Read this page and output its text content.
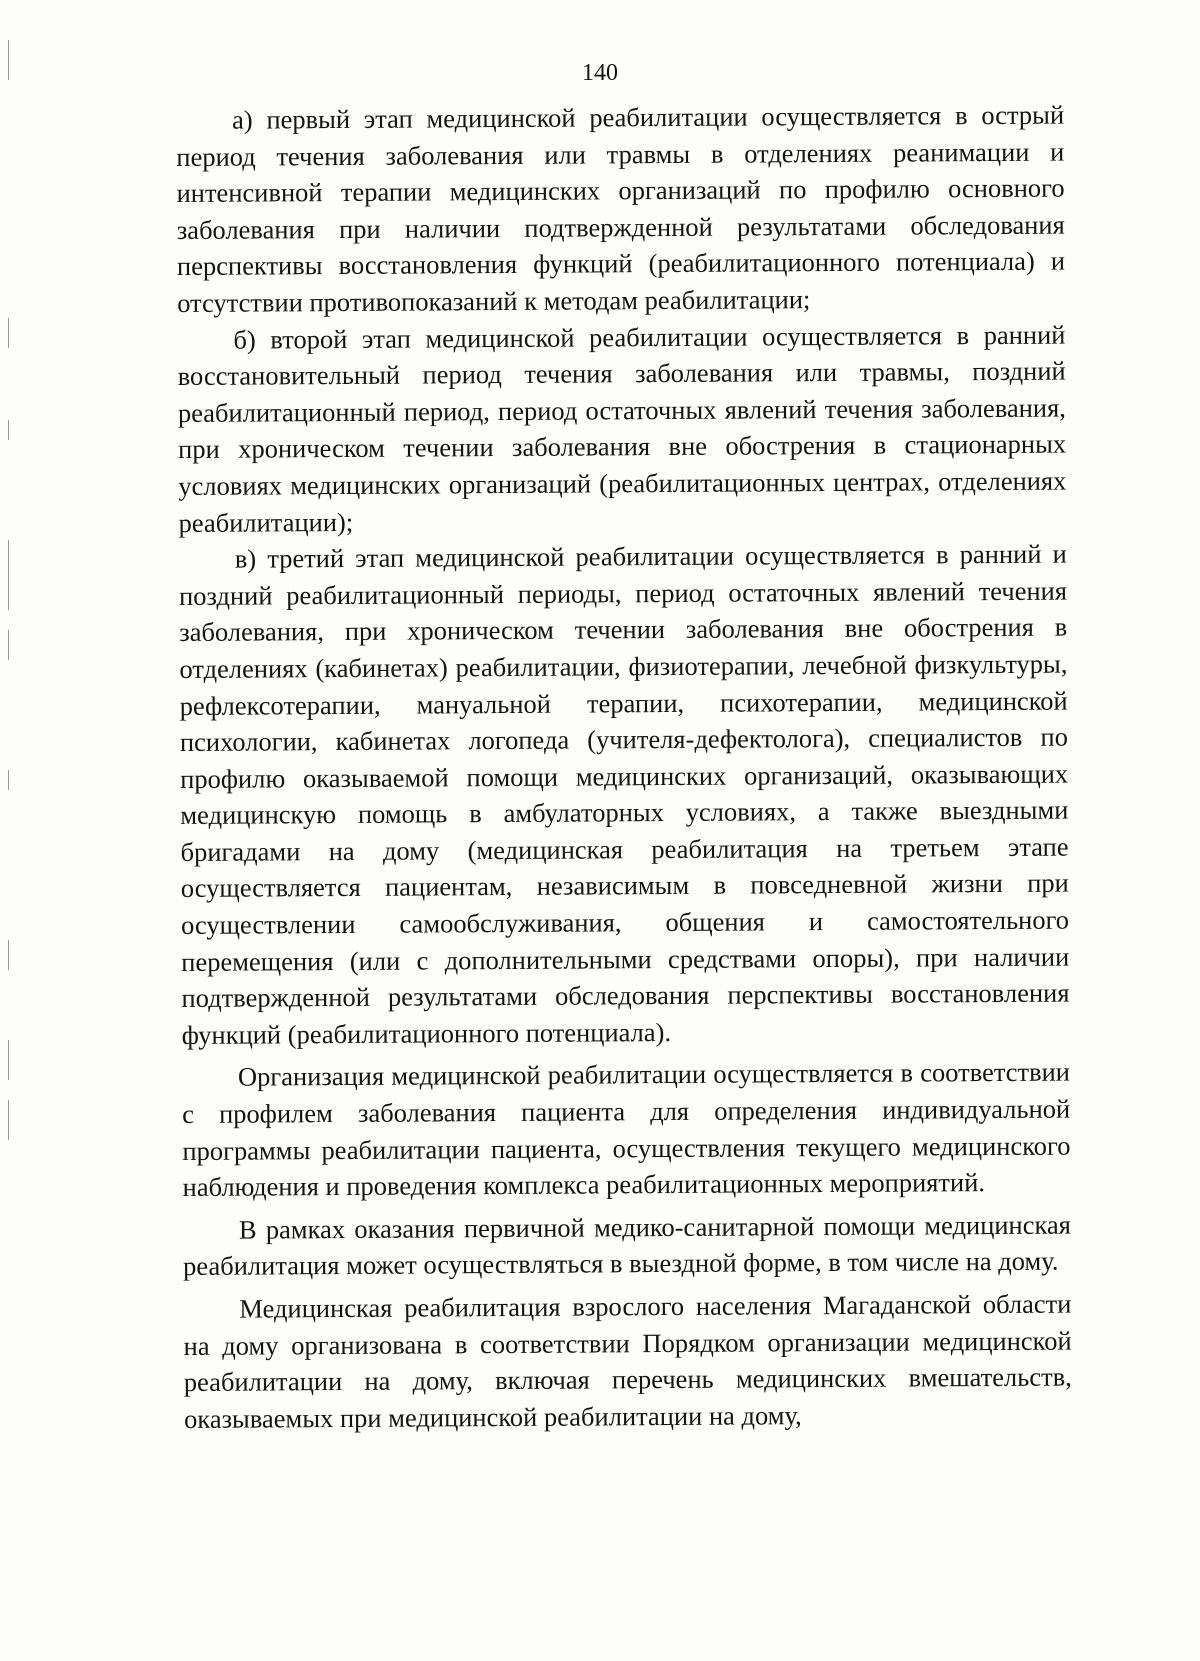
140

а) первый этап медицинской реабилитации осуществляется в острый период течения заболевания или травмы в отделениях реанимации и интенсивной терапии медицинских организаций по профилю основного заболевания при наличии подтвержденной результатами обследования перспективы восстановления функций (реабилитационного потенциала) и отсутствии противопоказаний к методам реабилитации;

б) второй этап медицинской реабилитации осуществляется в ранний восстановительный период течения заболевания или травмы, поздний реабилитационный период, период остаточных явлений течения заболевания, при хроническом течении заболевания вне обострения в стационарных условиях медицинских организаций (реабилитационных центрах, отделениях реабилитации);

в) третий этап медицинской реабилитации осуществляется в ранний и поздний реабилитационный периоды, период остаточных явлений течения заболевания, при хроническом течении заболевания вне обострения в отделениях (кабинетах) реабилитации, физиотерапии, лечебной физкультуры, рефлексотерапии, мануальной терапии, психотерапии, медицинской психологии, кабинетах логопеда (учителя-дефектолога), специалистов по профилю оказываемой помощи медицинских организаций, оказывающих медицинскую помощь в амбулаторных условиях, а также выездными бригадами на дому (медицинская реабилитация на третьем этапе осуществляется пациентам, независимым в повседневной жизни при осуществлении самообслуживания, общения и самостоятельного перемещения (или с дополнительными средствами опоры), при наличии подтвержденной результатами обследования перспективы восстановления функций (реабилитационного потенциала).

Организация медицинской реабилитации осуществляется в соответствии с профилем заболевания пациента для определения индивидуальной программы реабилитации пациента, осуществления текущего медицинского наблюдения и проведения комплекса реабилитационных мероприятий.

В рамках оказания первичной медико-санитарной помощи медицинская реабилитация может осуществляться в выездной форме, в том числе на дому.

Медицинская реабилитация взрослого населения Магаданской области на дому организована в соответствии Порядком организации медицинской реабилитации на дому, включая перечень медицинских вмешательств, оказываемых при медицинской реабилитации на дому,
